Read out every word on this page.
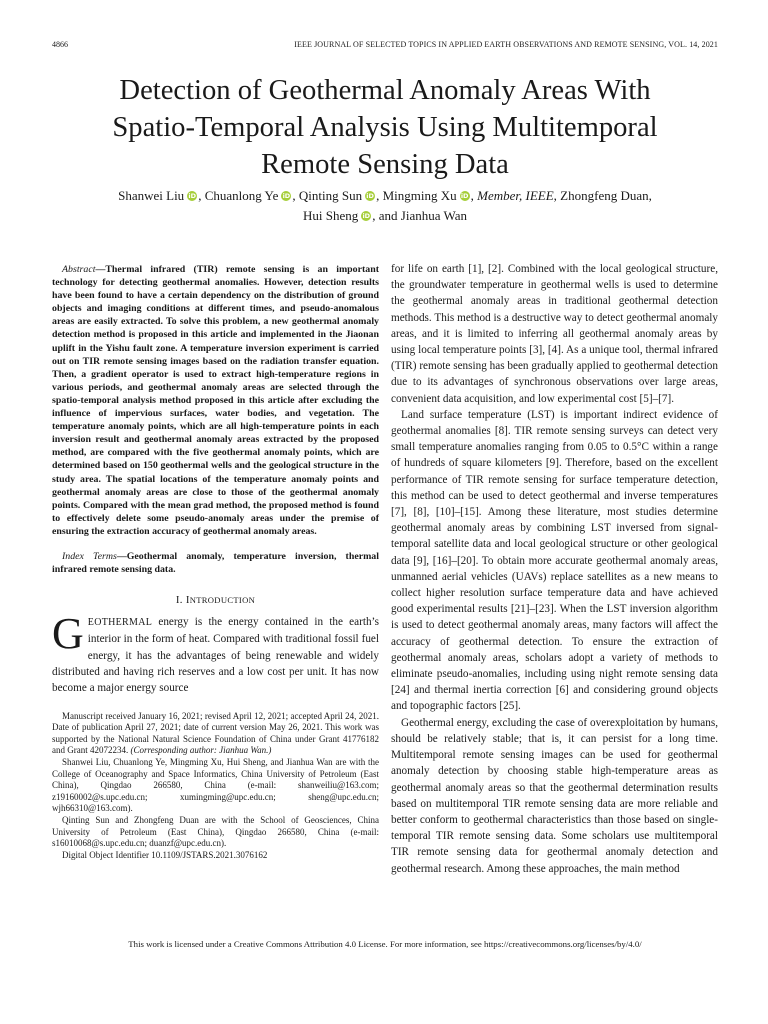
4866	IEEE JOURNAL OF SELECTED TOPICS IN APPLIED EARTH OBSERVATIONS AND REMOTE SENSING, VOL. 14, 2021
Detection of Geothermal Anomaly Areas With
Spatio-Temporal Analysis Using Multitemporal
Remote Sensing Data
Shanwei Liu iD , Chuanlong Ye iD , Qinting Sun iD , Mingming Xu iD , Member, IEEE, Zhongfeng Duan,
Hui Sheng iD , and Jianhua Wan

Abstract—Thermal infrared (TIR) remote sensing is an important technology for detecting geothermal anomalies. However, detection results have been found to have a certain dependency on the distribution of ground objects and imaging conditions at different times, and pseudo-anomalous areas are easily extracted. To solve this problem, a new geothermal anomaly detection method is proposed in this article and implemented in the Jiaonan uplift in the Yishu fault zone. A temperature inversion experiment is carried out on TIR remote sensing images based on the radiation transfer equation. Then, a gradient operator is used to extract high-temperature regions in various periods, and geothermal anomaly areas are selected through the spatio-temporal analysis method proposed in this article after excluding the influence of impervious surfaces, water bodies, and vegetation. The temperature anomaly points, which are all high-temperature points in each inversion result and geothermal anomaly areas extracted by the proposed method, are compared with the five geothermal anomaly points, which are determined based on 150 geothermal wells and the geological structure in the study area. The spatial locations of the temperature anomaly points and geothermal anomaly areas are close to those of the geothermal anomaly points. Compared with the mean grad method, the proposed method is found to effectively delete some pseudo-anomaly areas under the premise of ensuring the extraction accuracy of geothermal anomaly areas.

Index Terms—Geothermal anomaly, temperature inversion, thermal infrared remote sensing data.

I. INTRODUCTION

GEOTHERMAL energy is the energy contained in the earth’s interior in the form of heat. Compared with traditional fossil fuel energy, it has the advantages of being renewable and widely distributed and having rich reserves and a low cost per unit. It has now become a major energy source

Manuscript received January 16, 2021; revised April 12, 2021; accepted April 24, 2021. Date of publication April 27, 2021; date of current version May 26, 2021. This work was supported by the National Natural Science Foundation of China under Grant 41776182 and Grant 42072234. (Corresponding author: Jianhua Wan.)

Shanwei Liu, Chuanlong Ye, Mingming Xu, Hui Sheng, and Jianhua Wan are with the College of Oceanography and Space Informatics, China University of Petroleum (East China), Qingdao 266580, China (e-mail: shanweiliu@163.com; z19160002@s.upc.edu.cn; xumingming@upc.edu.cn; sheng@upc.edu.cn; wjh66310@163.com).

Qinting Sun and Zhongfeng Duan are with the School of Geosciences, China University of Petroleum (East China), Qingdao 266580, China (e-mail: s16010068@s.upc.edu.cn; duanzf@upc.edu.cn).

Digital Object Identifier 10.1109/JSTARS.2021.3076162

for life on earth [1], [2]. Combined with the local geological structure, the groundwater temperature in geothermal wells is used to determine the geothermal anomaly areas in traditional geothermal detection methods. This method is a destructive way to detect geothermal anomaly areas, and it is limited to inferring all geothermal anomaly areas by using local temperature points [3], [4]. As a unique tool, thermal infrared (TIR) remote sensing has been gradually applied to geothermal detection due to its advantages of synchronous observations over large areas, convenient data acquisition, and low experimental cost [5]–[7].

Land surface temperature (LST) is important indirect evidence of geothermal anomalies [8]. TIR remote sensing surveys can detect very small temperature anomalies ranging from 0.05 to 0.5°C within a range of hundreds of square kilometers [9]. Therefore, based on the excellent performance of TIR remote sensing for surface temperature detection, this method can be used to detect geothermal and inverse temperatures [7], [8], [10]–[15]. Among these literature, most studies determine geothermal anomaly areas by combining LST inversed from signal-temporal satellite data and local geological structure or other geological data [9], [16]–[20]. To obtain more accurate geothermal anomaly areas, unmanned aerial vehicles (UAVs) replace satellites as a new means to collect higher resolution surface temperature data and have achieved good experimental results [21]–[23]. When the LST inversion algorithm is used to detect geothermal anomaly areas, many factors will affect the accuracy of geothermal detection. To ensure the extraction of geothermal anomaly areas, scholars adopt a variety of methods to eliminate pseudo-anomalies, including using night remote sensing data [24] and thermal inertia correction [6] and considering ground objects and topographic factors [25].

Geothermal energy, excluding the case of overexploitation by humans, should be relatively stable; that is, it can persist for a long time. Multitemporal remote sensing images can be used for geothermal anomaly detection by choosing stable high-temperature areas as geothermal anomaly areas so that the geothermal determination results based on multitemporal TIR remote sensing data are more reliable and better conform to geothermal characteristics than those based on single-temporal TIR remote sensing data. Some scholars use multitemporal TIR remote sensing data for geothermal anomaly detection and geothermal research. Among these approaches, the main method

This work is licensed under a Creative Commons Attribution 4.0 License. For more information, see https://creativecommons.org/licenses/by/4.0/
